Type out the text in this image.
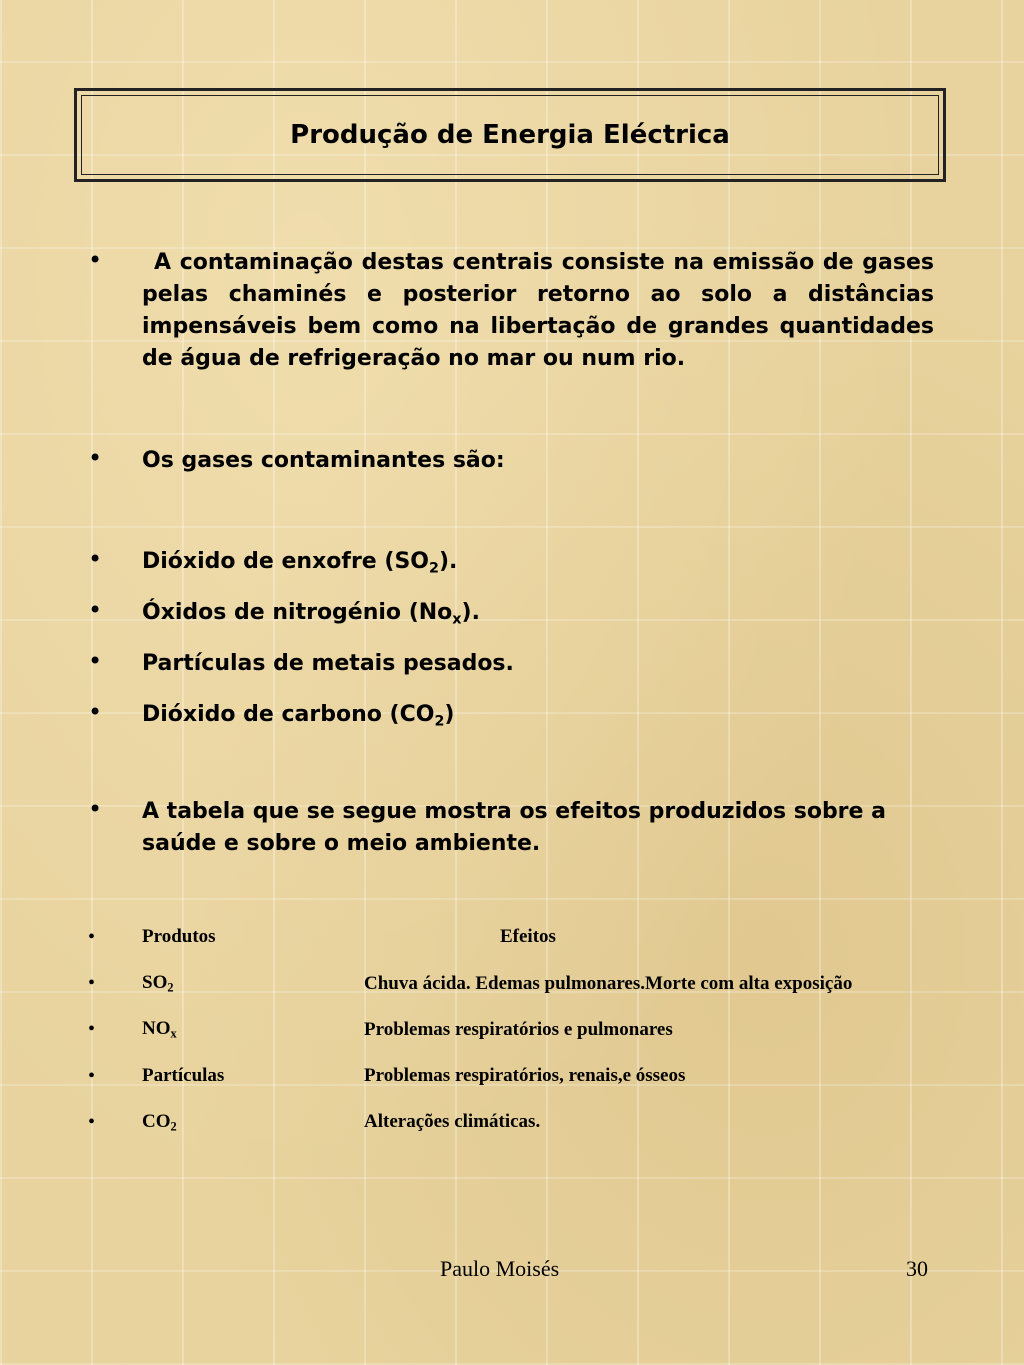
Produção de Energia Eléctrica
•	A contaminação destas centrais consiste na emissão de gases pelas chaminés e posterior retorno ao solo a distâncias impensáveis bem como na libertação de grandes quantidades de água de refrigeração no mar ou num rio.
• Os gases contaminantes são:
• Dióxido de enxofre $(SO_2)$.
• Óxidos de nitrogénio $(No_x)$.
• Partículas de metais pesados.
• Dióxido de carbono $(CO_2)$
• A tabela que se segue mostra os efeitos produzidos sobre a saúde e sobre o meio ambiente.
• Produtos	Efeitos
• $SO_2$	Chuva ácida. Edemas pulmonares.Morte com alta exposição
• $NO_x$	Problemas respiratórios e pulmonares
• Partículas	Problemas respiratórios, renais,e ósseos
• $CO_2$	Alterações climáticas.
Paulo Moisés	30
